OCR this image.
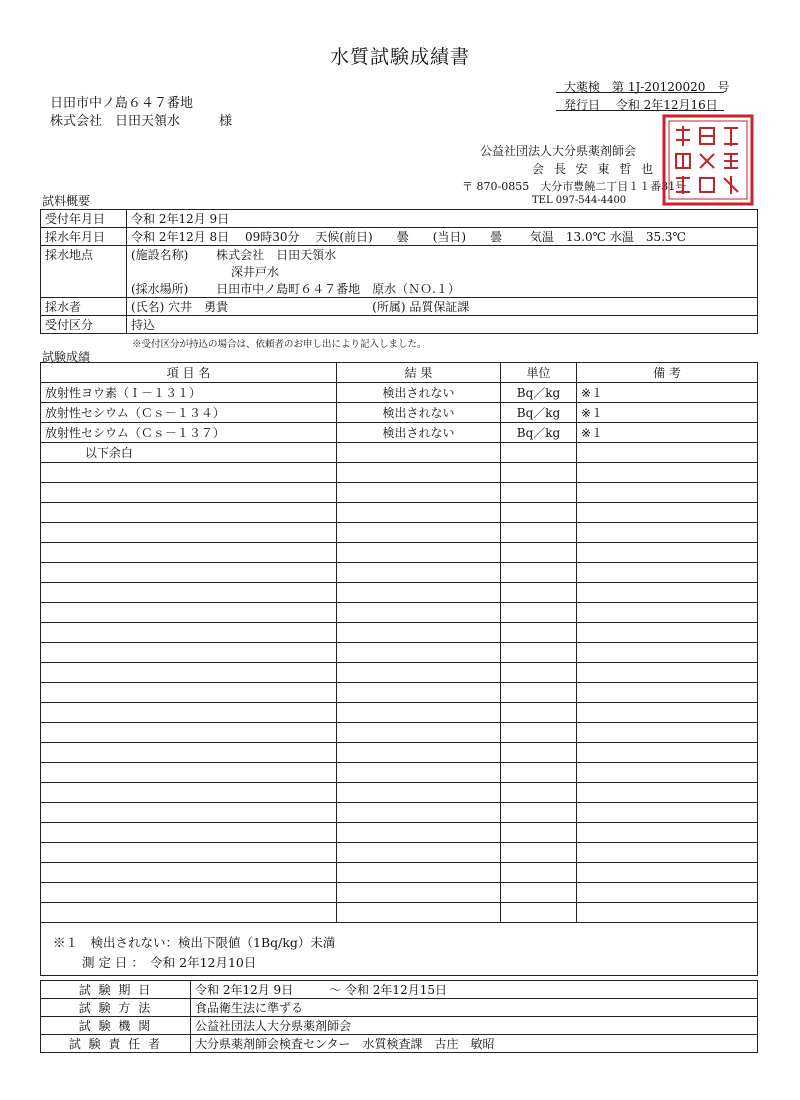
水質試験成績書
大薬検　第 1J-20120020　号
発行日　 令和 2年12月16日
日田市中ノ島６４７番地
株式会社　日田天領水　　　様
公益社団法人大分県薬剤師会
会 長 安 東 哲 也
〒 870-0855　大分市豊饒二丁目１１番31号
TEL 097-544-4400
試料概要
受付年月日	令和 2年12月 9日
採水年月日	令和 2年12月 8日　 09時30分　 天候(前日)　　曇　　(当日)　　曇　　 気温　13.0℃ 水温　35.3℃
採水地点	(施設名称)　　 株式会社　日田天領水
	　　　　　　　　 深井戸水
	(採水場所)　　 日田市中ノ島町６４７番地　原水（ＮＯ.１）
採水者	(氏名) 穴井　勇貴　　　　　　　　　　　　(所属) 品質保証課
受付区分	持込
※受付区分が持込の場合は、依頼者のお申し出により記入しました。
試験成績
項 目 名	結 果	単位	備 考
放射性ヨウ素（Ｉ－１３１）	検出されない	Bq／kg	※１
放射性セシウム（Ｃｓ－１３４）	検出されない	Bq／kg	※１
放射性セシウム（Ｃｓ－１３７）	検出されない	Bq／kg	※１
　　　 以下余白			

※１　検出されない：検出下限値（1Bq/kg）未満
　　 測 定 日 ：　令和 2年12月10日
試 験 期 日	令和 2年12月 9日　　　～ 令和 2年12月15日
試 験 方 法	食品衛生法に準ずる
試 験 機 関	公益社団法人大分県薬剤師会
試 験 責 任 者	大分県薬剤師会検査センター　水質検査課　古庄　敏昭
